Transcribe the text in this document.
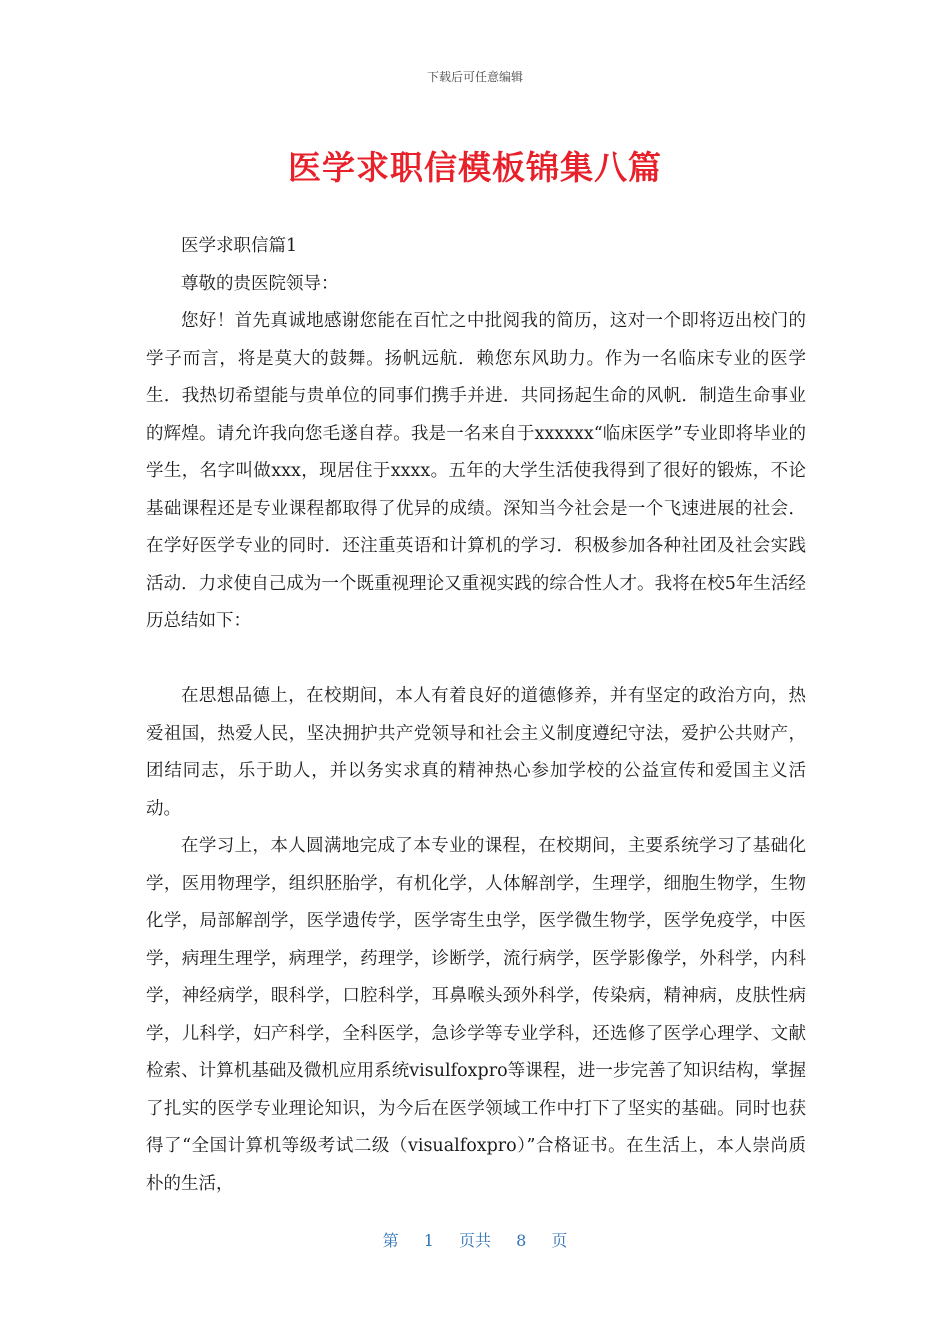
下载后可任意编辑
医学求职信模板锦集八篇

医学求职信篇1

尊敬的贵医院领导：

您好！首先真诚地感谢您能在百忙之中批阅我的简历，这对一个即将迈出校门的学子而言，将是莫大的鼓舞。扬帆远航．赖您东风助力。作为一名临床专业的医学生．我热切希望能与贵单位的同事们携手并进．共同扬起生命的风帆．制造生命事业的辉煌。请允许我向您毛遂自荐。我是一名来自于xxxxxx“临床医学”专业即将毕业的学生，名字叫做xxx，现居住于xxxx。五年的大学生活使我得到了很好的锻炼，不论基础课程还是专业课程都取得了优异的成绩。深知当今社会是一个飞速进展的社会．在学好医学专业的同时．还注重英语和计算机的学习．积极参加各种社团及社会实践活动．力求使自己成为一个既重视理论又重视实践的综合性人才。我将在校5年生活经历总结如下：

在思想品德上，在校期间，本人有着良好的道德修养，并有坚定的政治方向，热爱祖国，热爱人民，坚决拥护共产党领导和社会主义制度遵纪守法，爱护公共财产，团结同志，乐于助人，并以务实求真的精神热心参加学校的公益宣传和爱国主义活动。

在学习上，本人圆满地完成了本专业的课程，在校期间，主要系统学习了基础化学，医用物理学，组织胚胎学，有机化学，人体解剖学，生理学，细胞生物学，生物化学，局部解剖学，医学遗传学，医学寄生虫学，医学微生物学，医学免疫学，中医学，病理生理学，病理学，药理学，诊断学，流行病学，医学影像学，外科学，内科学，神经病学，眼科学，口腔科学，耳鼻喉头颈外科学，传染病，精神病，皮肤性病学，儿科学，妇产科学，全科医学，急诊学等专业学科，还选修了医学心理学、文献检索、计算机基础及微机应用系统visulfoxpro等课程，进一步完善了知识结构，掌握了扎实的医学专业理论知识，为今后在医学领域工作中打下了坚实的基础。同时也获得了“全国计算机等级考试二级（visualfoxpro）”合格证书。在生活上，本人崇尚质朴的生活，

第 1 页共 8 页
